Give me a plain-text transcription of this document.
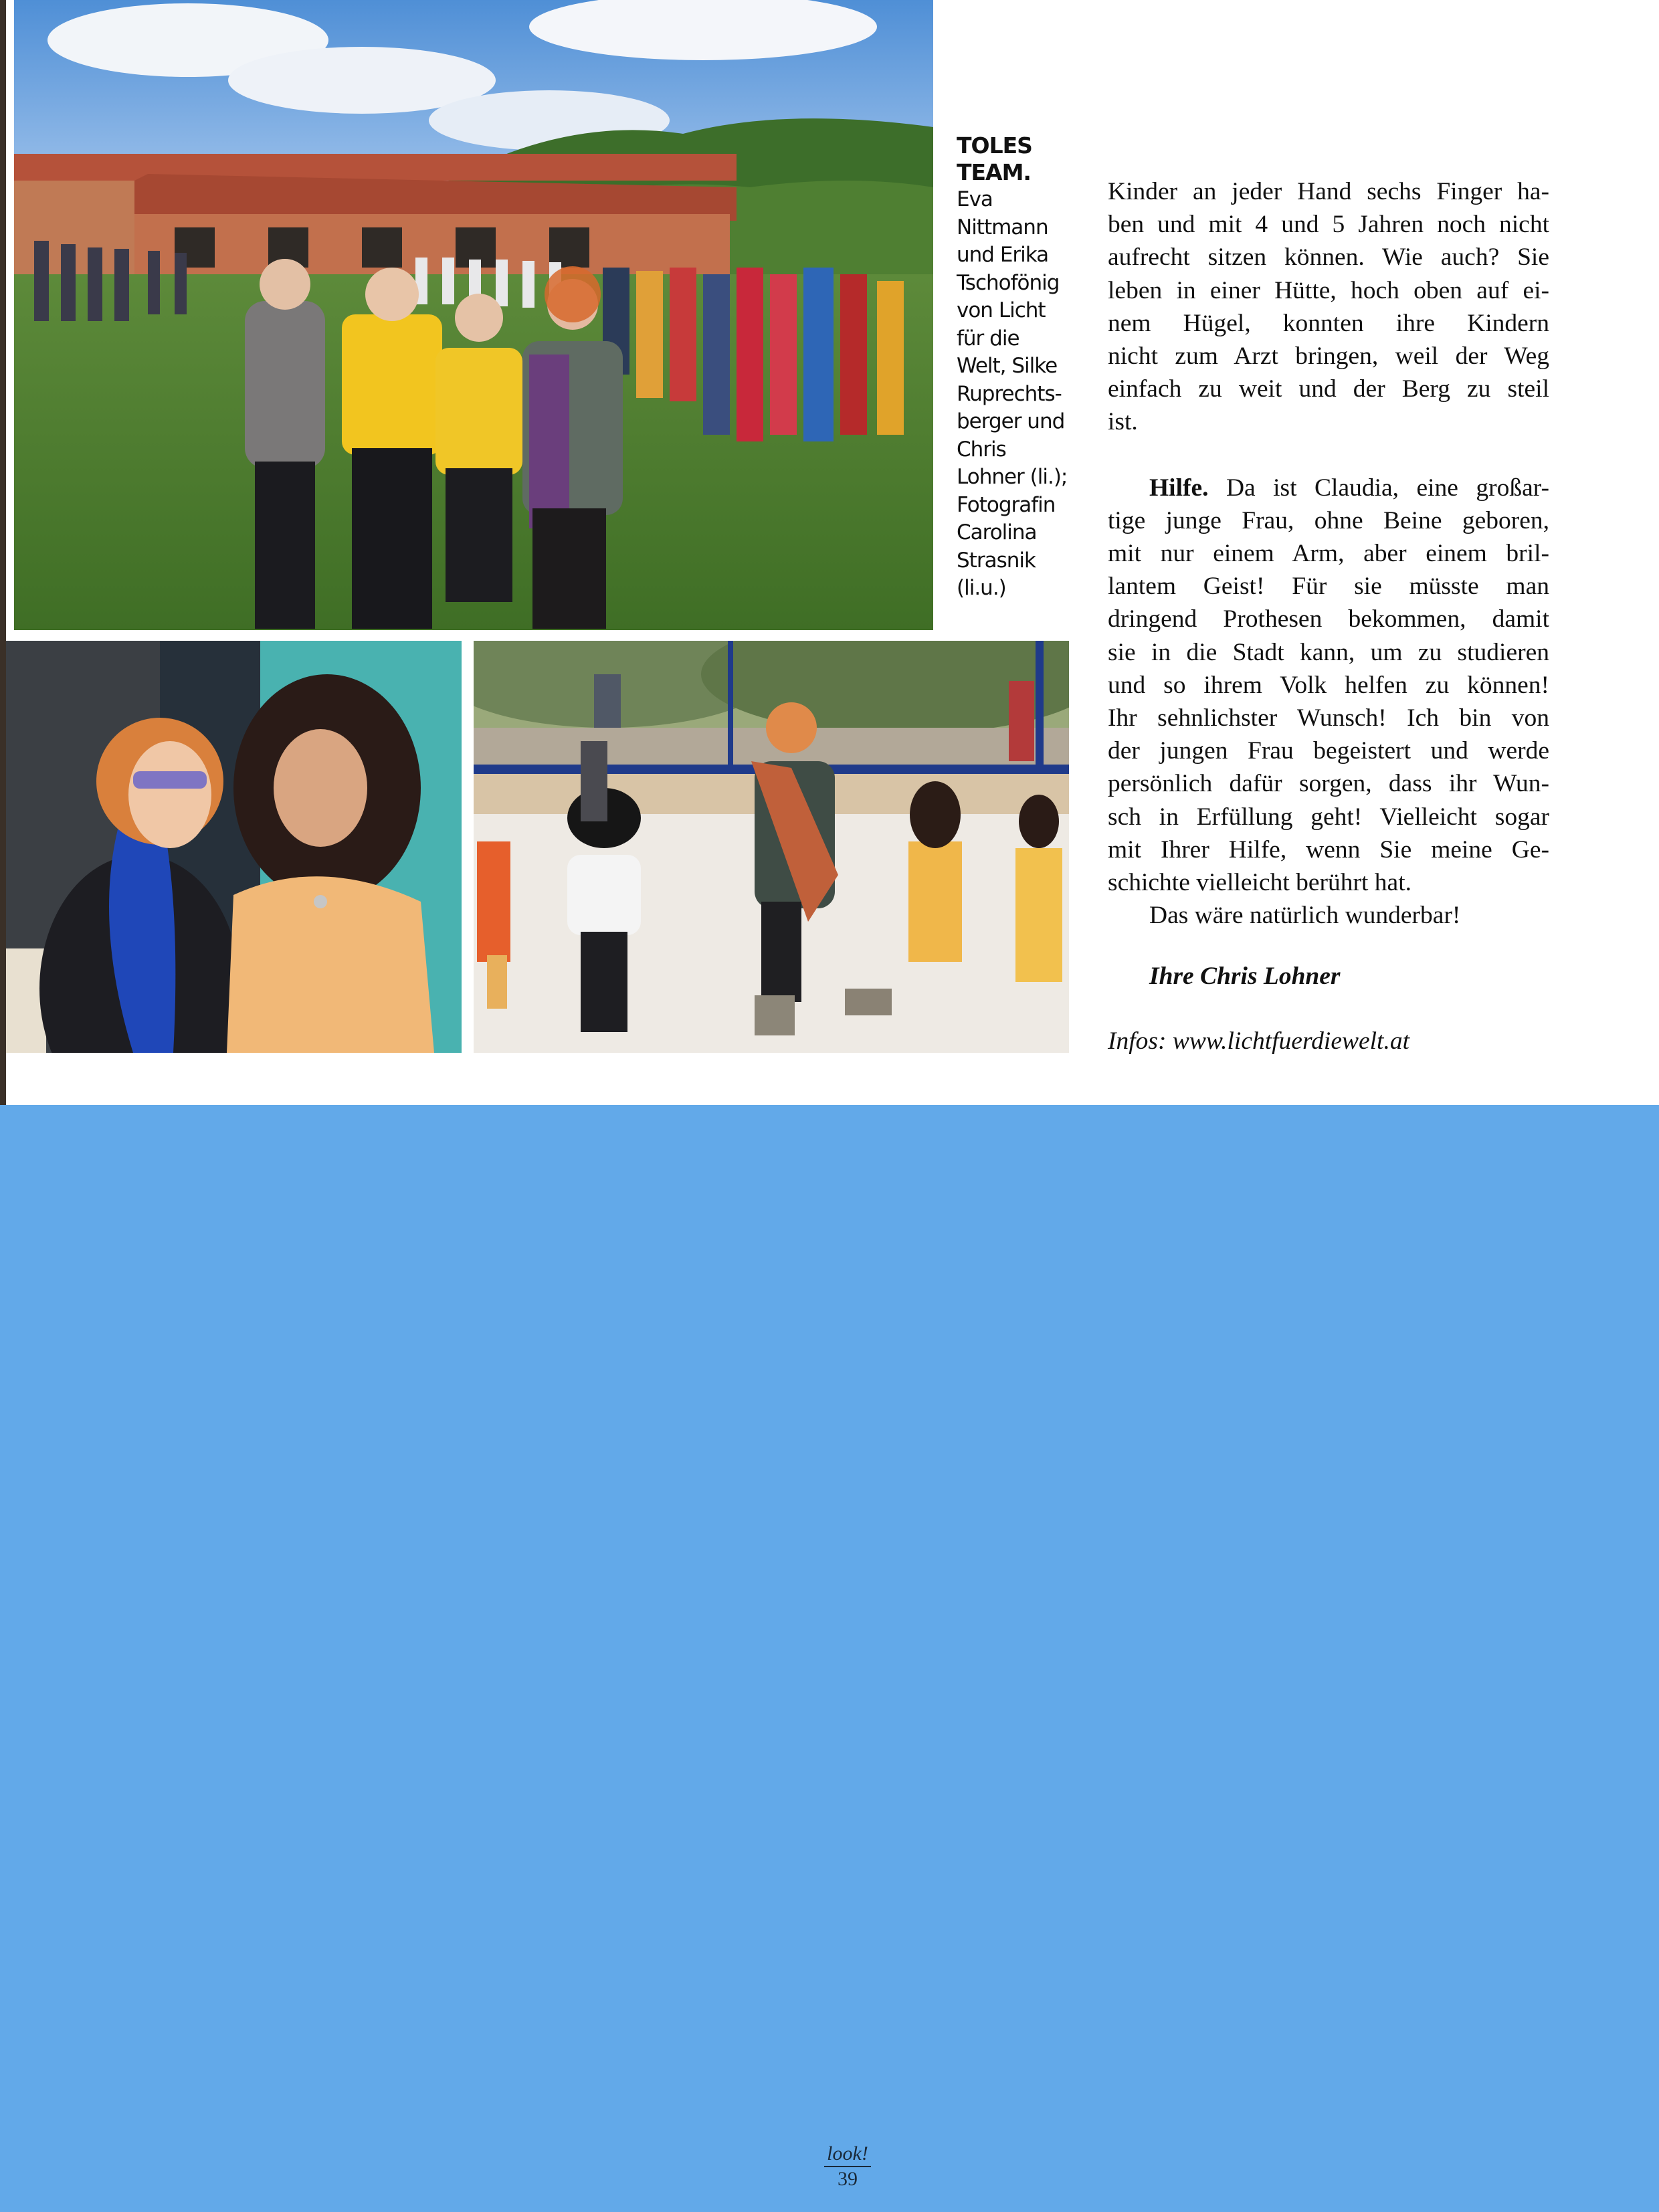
TOLES
TEAM.
Eva
Nittmann
und Erika
Tschofönig
von Licht
für die
Welt, Silke
Ruprechts-
berger und
Chris
Lohner (li.);
Fotografin
Carolina
Strasnik
(li.u.)
Kinder an jeder Hand sechs Finger ha-
ben und mit 4 und 5 Jahren noch nicht
aufrecht sitzen können. Wie auch? Sie
leben in einer Hütte, hoch oben auf ei-
nem Hügel, konnten ihre Kindern
nicht zum Arzt bringen, weil der Weg
einfach zu weit und der Berg zu steil
ist.
Hilfe. Da ist Claudia, eine großar-
tige junge Frau, ohne Beine geboren,
mit nur einem Arm, aber einem bril-
lantem Geist! Für sie müsste man
dringend Prothesen bekommen, damit
sie in die Stadt kann, um zu studieren
und so ihrem Volk helfen zu können!
Ihr sehnlichster Wunsch! Ich bin von
der jungen Frau begeistert und werde
persönlich dafür sorgen, dass ihr Wun-
sch in Erfüllung geht! Vielleicht sogar
mit Ihrer Hilfe, wenn Sie meine Ge-
schichte vielleicht berührt hat.
Das wäre natürlich wunderbar!
Ihre Chris Lohner
Infos: www.lichtfuerdiewelt.at
look!
39
